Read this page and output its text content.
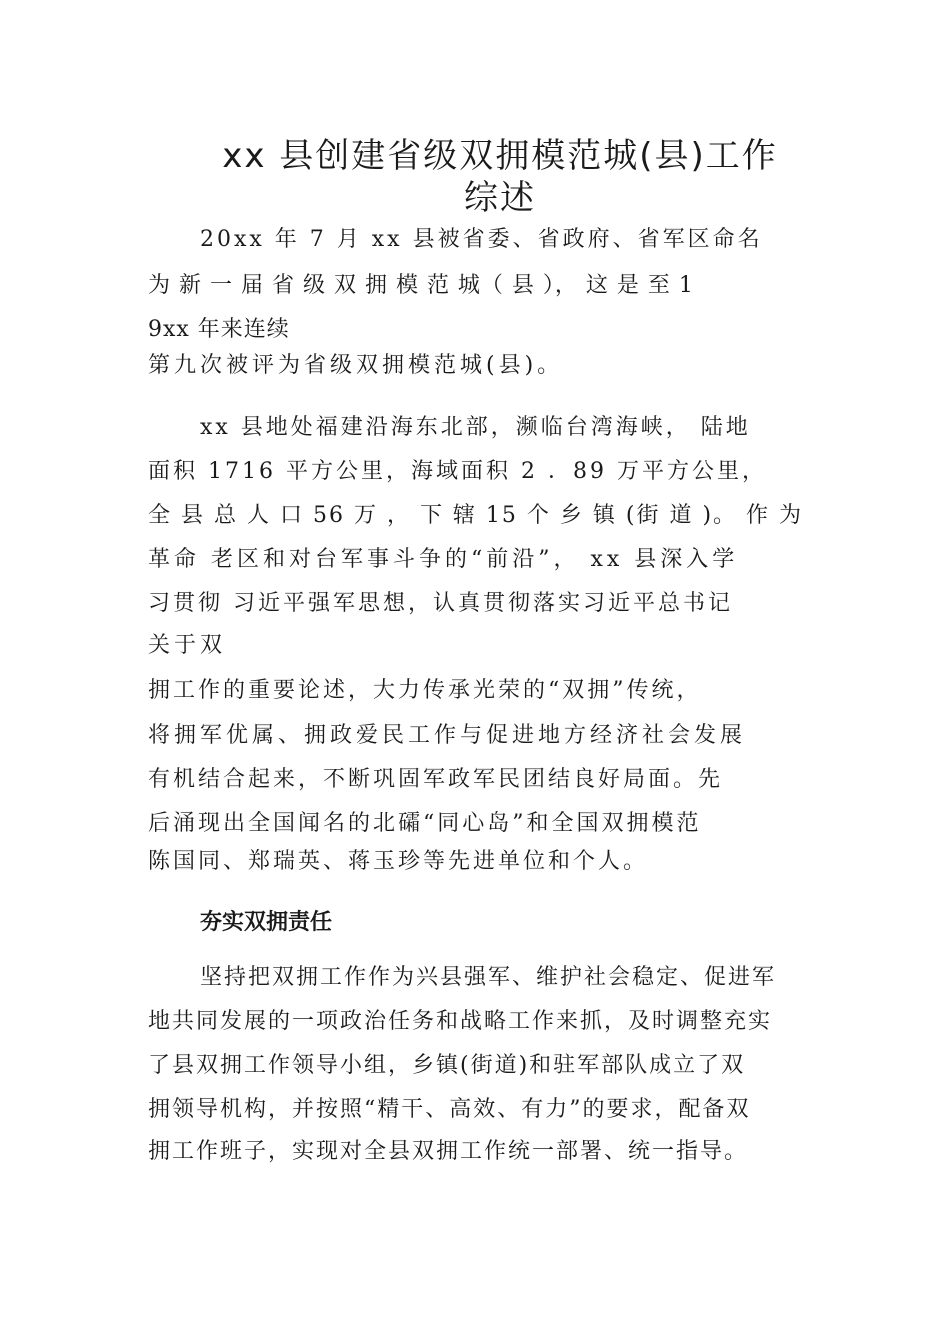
xx 县创建省级双拥模范城(县)工作
综述

20xx 年 7 月 xx 县被省委、省政府、省军区命名

为 新 一 届 省 级 双 拥 模 范 城（ 县 ）， 这 是 至 1

9xx 年来连续

第九次被评为省级双拥模范城(县)。

xx 县地处福建沿海东北部，濒临台湾海峡， 陆地

面积 1716 平方公里，海域面积 2 ．89 万平方公里，

全 县 总 人 口 56 万 ， 下 辖 15 个 乡 镇 (街 道 )。 作 为

革命 老区和对台军事斗争的“前沿”， xx 县深入学

习贯彻 习近平强军思想，认真贯彻落实习近平总书记

关于双

拥工作的重要论述，大力传承光荣的“双拥”传统，

将拥军优属、拥政爱民工作与促进地方经济社会发展

有机结合起来，不断巩固军政军民团结良好局面。先

后涌现出全国闻名的北礵“同心岛”和全国双拥模范

陈国同、郑瑞英、蒋玉珍等先进单位和个人。

夯实双拥责任

坚持把双拥工作作为兴县强军、维护社会稳定、促进军

地共同发展的一项政治任务和战略工作来抓，及时调整充实

了县双拥工作领导小组，乡镇(街道)和驻军部队成立了双

拥领导机构，并按照“精干、高效、有力”的要求，配备双

拥工作班子，实现对全县双拥工作统一部署、统一指导。
